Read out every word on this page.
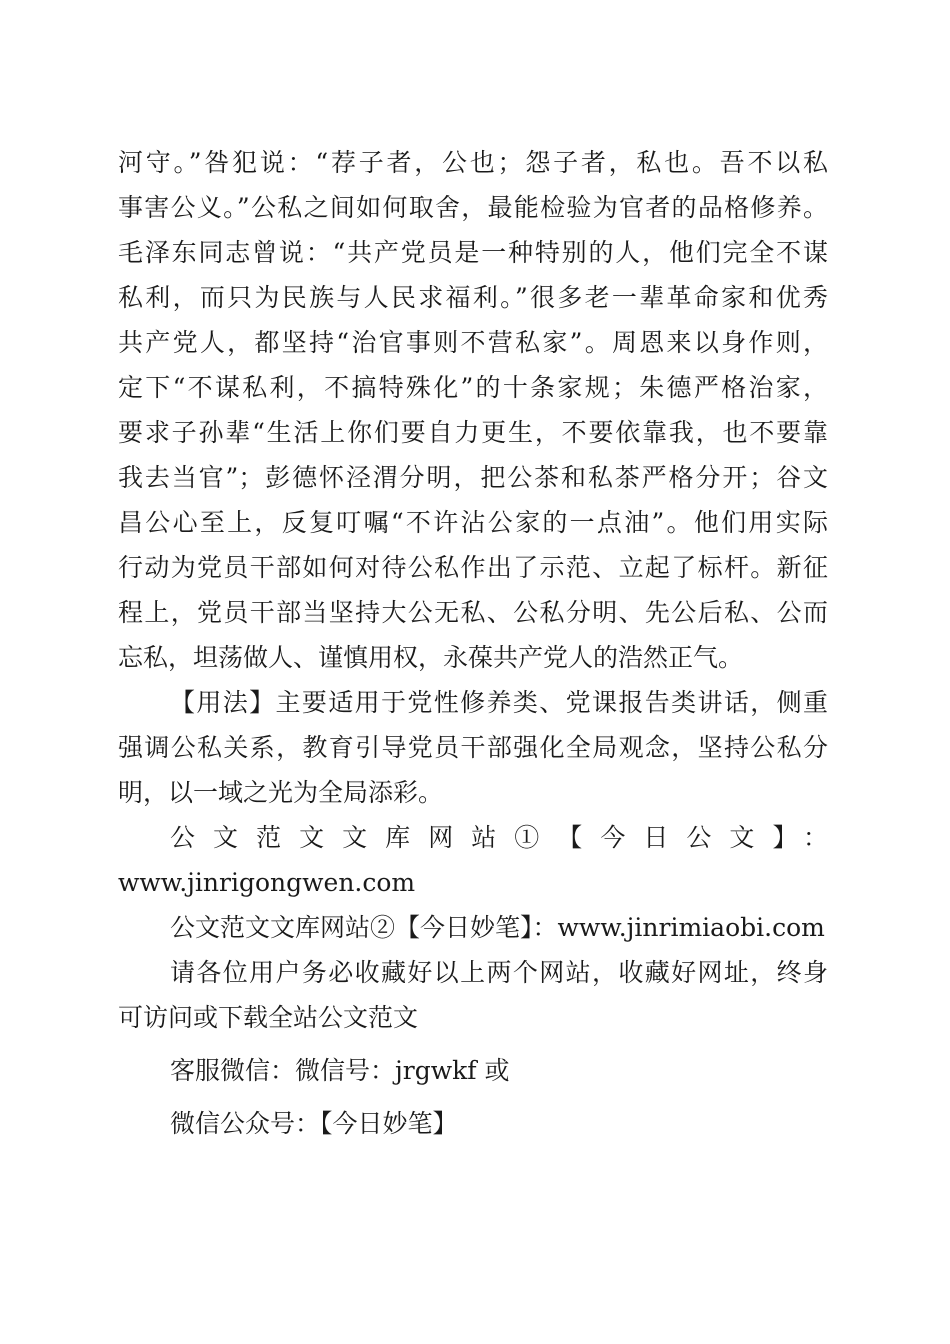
河守。”咎犯说：“荐子者，公也；怨子者，私也。吾不以私
事害公义。”公私之间如何取舍，最能检验为官者的品格修养。
毛泽东同志曾说：“共产党员是一种特别的人，他们完全不谋
私利，而只为民族与人民求福利。”很多老一辈革命家和优秀
共产党人，都坚持“治官事则不营私家”。周恩来以身作则，
定下“不谋私利，不搞特殊化”的十条家规；朱德严格治家，
要求子孙辈“生活上你们要自力更生，不要依靠我，也不要靠
我去当官”；彭德怀泾渭分明，把公茶和私茶严格分开；谷文
昌公心至上，反复叮嘱“不许沾公家的一点油”。他们用实际
行动为党员干部如何对待公私作出了示范、立起了标杆。新征
程上，党员干部当坚持大公无私、公私分明、先公后私、公而
忘私，坦荡做人、谨慎用权，永葆共产党人的浩然正气。
【用法】主要适用于党性修养类、党课报告类讲话，侧重
强调公私关系，教育引导党员干部强化全局观念，坚持公私分
明，以一域之光为全局添彩。
公文范文文库网站①【今日公文】：
www.jinrigongwen.com
公文范文文库网站②【今日妙笔】：www.jinrimiaobi.com
请各位用户务必收藏好以上两个网站，收藏好网址，终身
可访问或下载全站公文范文
客服微信：微信号：jrgwkf 或
微信公众号：【今日妙笔】
